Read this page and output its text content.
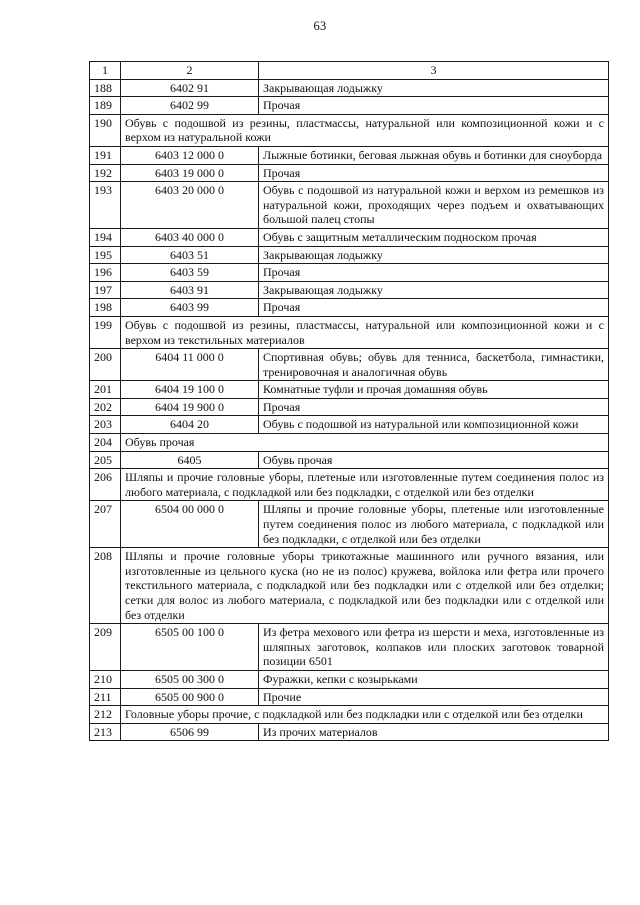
63
1	2	3
188	6402 91	Закрывающая лодыжку
189	6402 99	Прочая
190	Обувь с подошвой из резины, пластмассы, натуральной или композиционной кожи и с верхом из натуральной кожи	
191	6403 12 000 0	Лыжные ботинки, беговая лыжная обувь и ботинки для сноуборда
192	6403 19 000 0	Прочая
193	6403 20 000 0	Обувь с подошвой из натуральной кожи и верхом из ремешков из натуральной кожи, проходящих через подъем и охватывающих большой палец стопы
194	6403 40 000 0	Обувь с защитным металлическим подноском прочая
195	6403 51	Закрывающая лодыжку
196	6403 59	Прочая
197	6403 91	Закрывающая лодыжку
198	6403 99	Прочая
199	Обувь с подошвой из резины, пластмассы, натуральной или композиционной кожи и с верхом из текстильных материалов	
200	6404 11 000 0	Спортивная обувь; обувь для тенниса, баскетбола, гимнастики, тренировочная и аналогичная обувь
201	6404 19 100 0	Комнатные туфли и прочая домашняя обувь
202	6404 19 900 0	Прочая
203	6404 20	Обувь с подошвой из натуральной или композиционной кожи
204	Обувь прочая	
205	6405	Обувь прочая
206	Шляпы и прочие головные уборы, плетеные или изготовленные путем соединения полос из любого материала, с подкладкой или без подкладки, с отделкой или без отделки	
207	6504 00 000 0	Шляпы и прочие головные уборы, плетеные или изготовленные путем соединения полос из любого материала, с подкладкой или без подкладки, с отделкой или без отделки
208	Шляпы и прочие головные уборы трикотажные машинного или ручного вязания, или изготовленные из цельного куска (но не из полос) кружева, войлока или фетра или прочего текстильного материала, с подкладкой или без подкладки или с отделкой или без отделки; сетки для волос из любого материала, с подкладкой или без подкладки или с отделкой или без отделки	
209	6505 00 100 0	Из фетра мехового или фетра из шерсти и меха, изготовленные из шляпных заготовок, колпаков или плоских заготовок товарной позиции 6501
210	6505 00 300 0	Фуражки, кепки с козырьками
211	6505 00 900 0	Прочие
212	Головные уборы прочие, с подкладкой или без подкладки или с отделкой или без отделки	
213	6506 99	Из прочих материалов
